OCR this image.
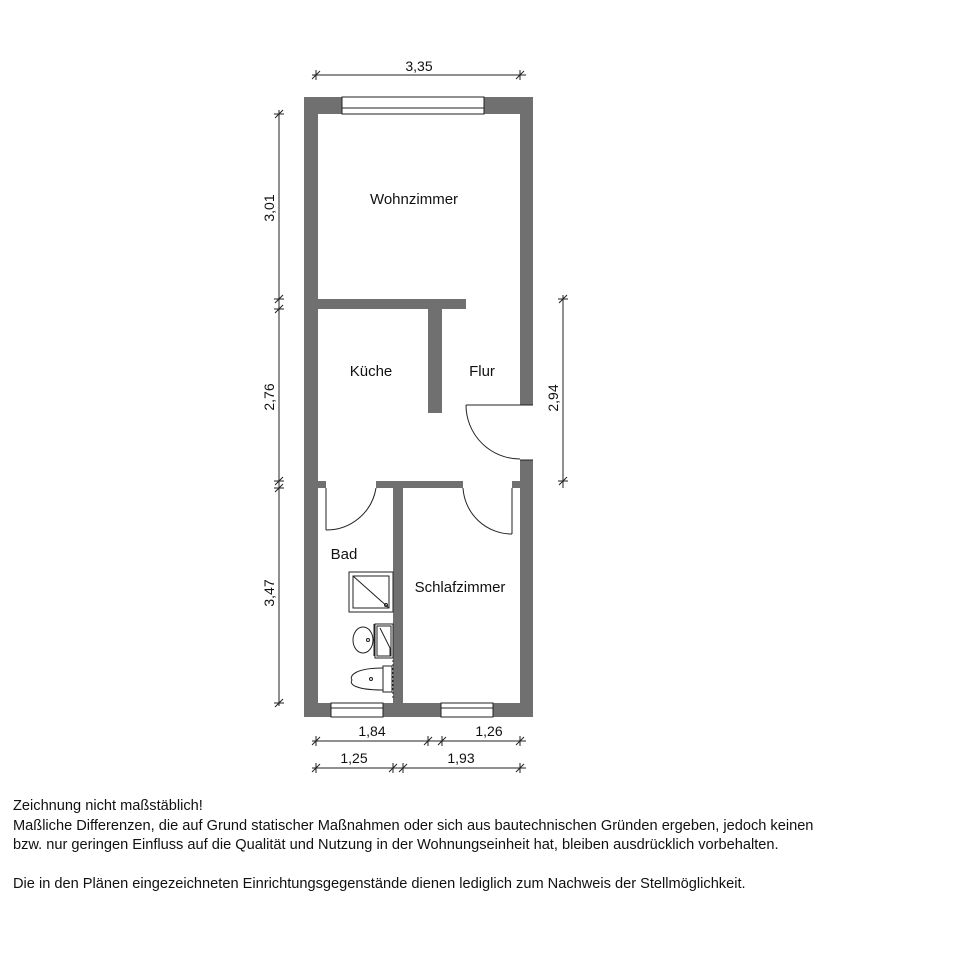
Wohnzimmer
Küche	Flur
Bad
Schlafzimmer
3,35
3,01
2,76
3,47
2,94
1,84	1,26
1,25	1,93

Zeichnung nicht maßstäblich!

Maßliche Differenzen, die auf Grund statischer Maßnahmen oder sich aus bautechnischen Gründen ergeben, jedoch keinen

bzw. nur geringen Einfluss auf die Qualität und Nutzung in der Wohnungseinheit hat, bleiben ausdrücklich vorbehalten.

Die in den Plänen eingezeichneten Einrichtungsgegenstände dienen lediglich zum Nachweis der Stellmöglichkeit.
